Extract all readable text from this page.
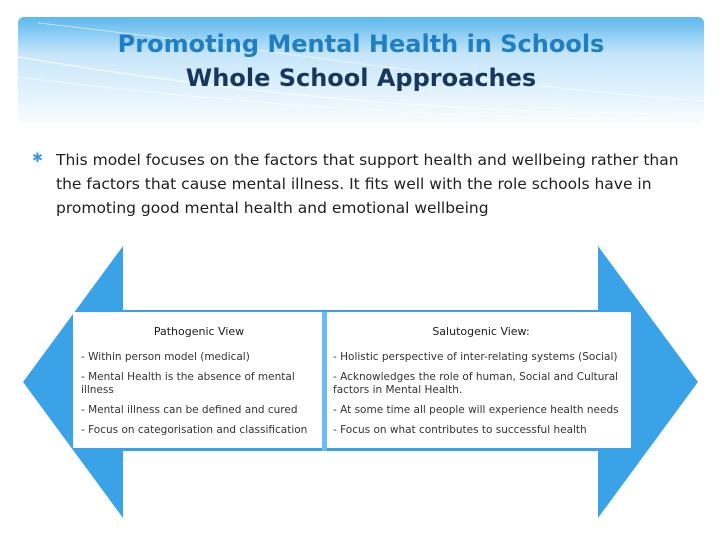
Promoting Mental Health in Schools
Whole School Approaches
✱ This model focuses on the factors that support health and wellbeing rather than the factors that cause mental illness. It fits well with the role schools have in promoting good mental health and emotional wellbeing
Pathogenic View
- Within person model (medical)
- Mental Health is the absence of mental illness
- Mental illness can be defined and cured
- Focus on categorisation and classification
Salutogenic View:
- Holistic perspective of inter-relating systems (Social)
- Acknowledges the role of human, Social and Cultural factors in Mental Health.
- At some time all people will experience health needs
- Focus on what contributes to successful health
